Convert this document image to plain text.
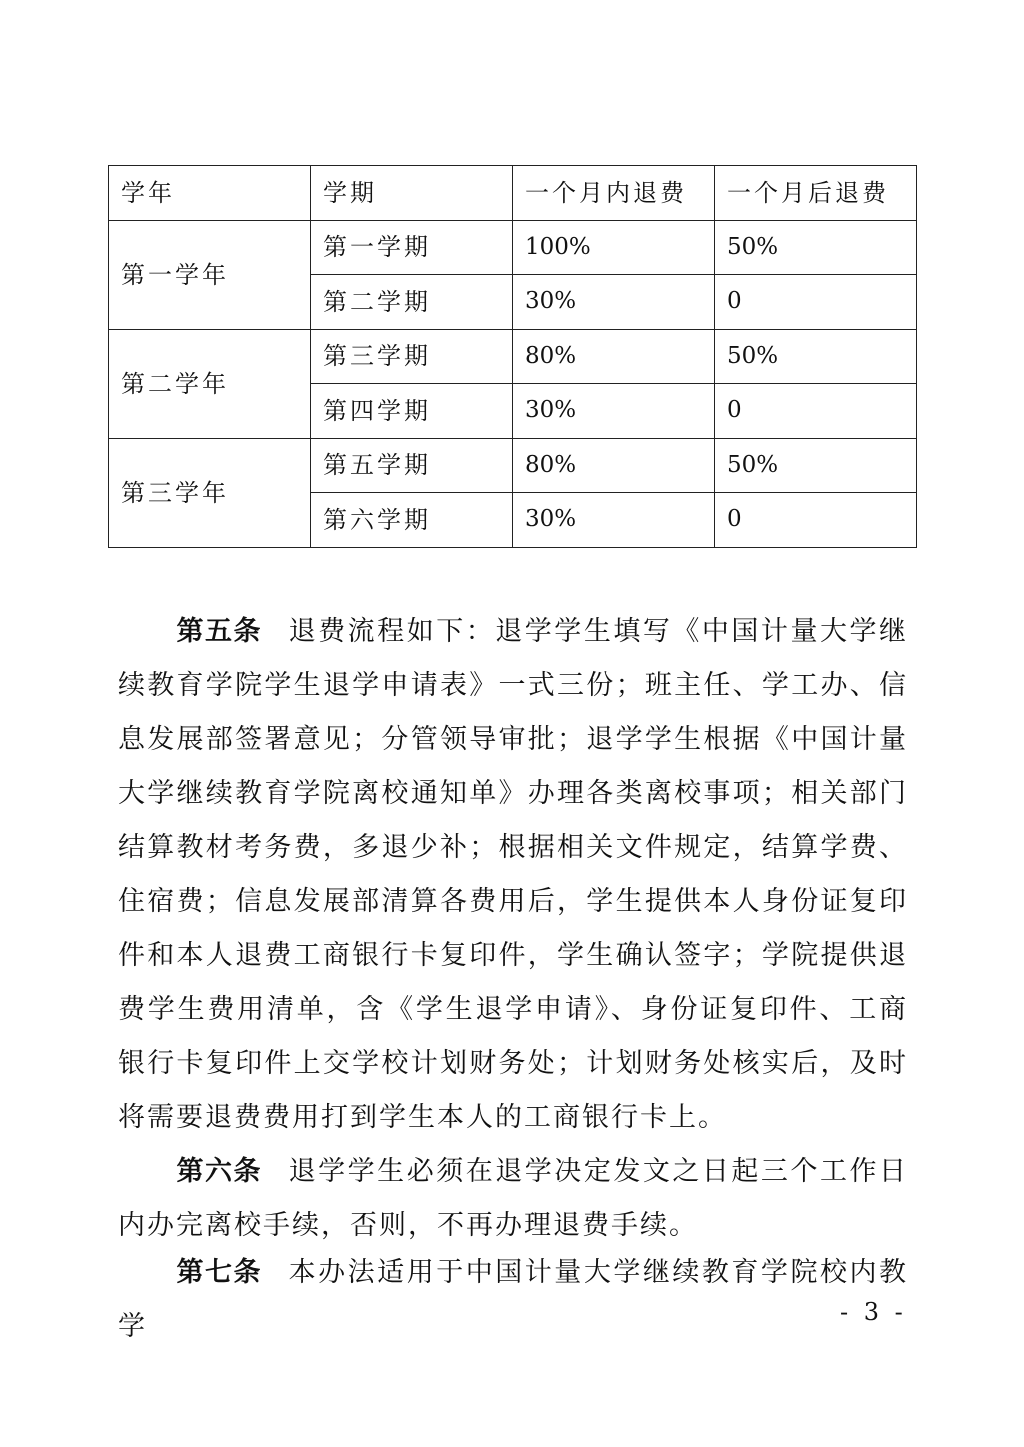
学年	学期	一个月内退费	一个月后退费
第一学年	第一学期	100%	50%
	第二学期	30%	0
第二学年	第三学期	80%	50%
	第四学期	30%	0
第三学年	第五学期	80%	50%
	第六学期	30%	0

第五条 退费流程如下：退学学生填写《中国计量大学继续教育学院学生退学申请表》一式三份；班主任、学工办、信息发展部签署意见；分管领导审批；退学学生根据《中国计量大学继续教育学院离校通知单》办理各类离校事项；相关部门结算教材考务费，多退少补；根据相关文件规定，结算学费、住宿费；信息发展部清算各费用后，学生提供本人身份证复印件和本人退费工商银行卡复印件，学生确认签字；学院提供退费学生费用清单，含《学生退学申请》、身份证复印件、工商银行卡复印件上交学校计划财务处；计划财务处核实后，及时将需要退费费用打到学生本人的工商银行卡上。

第六条 退学学生必须在退学决定发文之日起三个工作日内办完离校手续，否则，不再办理退费手续。

第七条 本办法适用于中国计量大学继续教育学院校内教学	- 3 -
